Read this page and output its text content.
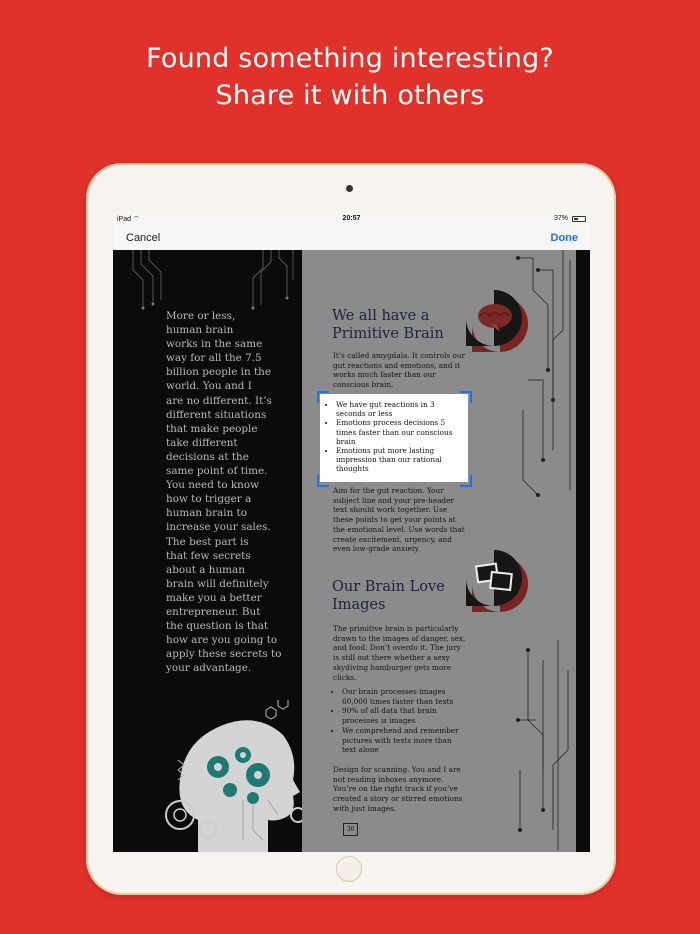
Found something interesting?
Share it with others
iPad ⌔	20:57	37%
Cancel	Done
More or less,
human brain
works in the same
way for all the 7.5
billion people in the
world. You and I
are no different. It’s
different situations
that make people
take different
decisions at the
same point of time.
You need to know
how to trigger a
human brain to
increase your sales.
The best part is
that few secrets
about a human
brain will definitely
make you a better
entrepreneur. But
the question is that
how are you going to
apply these secrets to
your advantage.
We all have a
Primitive Brain
It’s called amygdala. It controls our gut reactions and emotions, and it works much faster than our conscious brain.
• We have gut reactions in 3 seconds or less
• Emotions process decisions 5 times faster than our conscious brain
• Emotions put more lasting impression than our rational thoughts
Aim for the gut reaction. Your subject line and your pre-header text should work together. Use these points to get your points at the emotional level. Use words that create excitement, urgency, and even low-grade anxiety.
Our Brain Love
Images
The primitive brain is particularly drawn to the images of danger, sex, and food. Don’t overdo it. The jury is still out there whether a sexy skydiving hamburger gets more clicks.
• Our brain processes images 60,000 times faster than texts
• 90% of all data that brain processes is images
• We comprehend and remember pictures with texts more than text alone
Design for scanning. You and I are not reading inboxes anymore. You’re on the right track if you’ve created a story or stirred emotions with just images.
30
